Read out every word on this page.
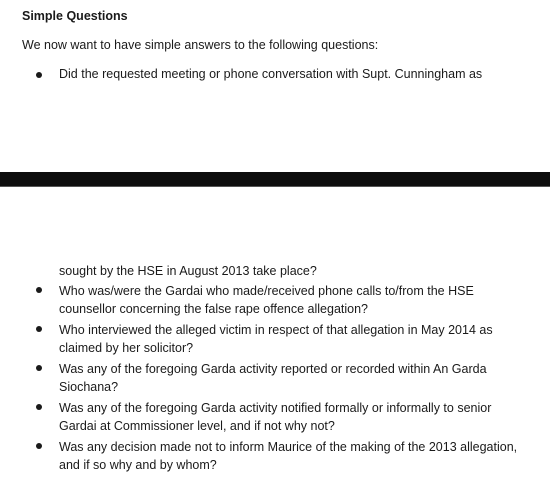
Simple Questions
We now want to have simple answers to the following questions:
Did the requested meeting or phone conversation with Supt. Cunningham as
sought by the HSE in August 2013 take place?
Who was/were the Gardai who made/received phone calls to/from the HSE counsellor concerning the false rape offence allegation?
Who interviewed the alleged victim in respect of that allegation in May 2014 as claimed by her solicitor?
Was any of the foregoing Garda activity reported or recorded within An Garda Siochana?
Was any of the foregoing Garda activity notified formally or informally to senior Gardai at Commissioner level, and if not why not?
Was any decision made not to inform Maurice of the making of the 2013 allegation, and if so why and by whom?
